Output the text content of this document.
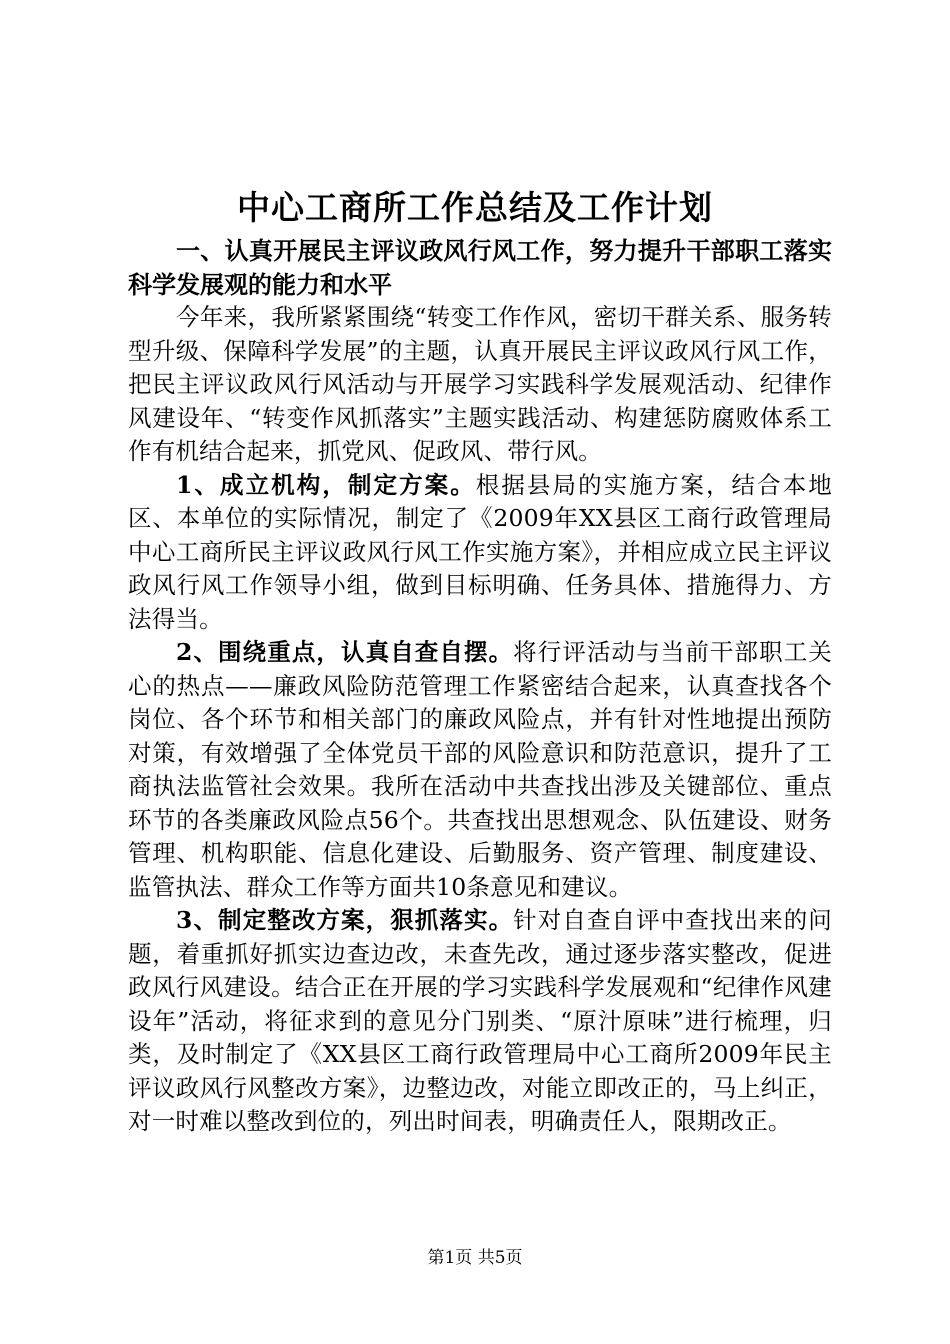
中心工商所工作总结及工作计划

一、认真开展民主评议政风行风工作，努力提升干部职工落实科学发展观的能力和水平

今年来，我所紧紧围绕“转变工作作风，密切干群关系、服务转型升级、保障科学发展”的主题，认真开展民主评议政风行风工作，把民主评议政风行风活动与开展学习实践科学发展观活动、纪律作风建设年、“转变作风抓落实”主题实践活动、构建惩防腐败体系工作有机结合起来，抓党风、促政风、带行风。

1、成立机构，制定方案。根据县局的实施方案，结合本地区、本单位的实际情况，制定了《2009年XX县区工商行政管理局中心工商所民主评议政风行风工作实施方案》，并相应成立民主评议政风行风工作领导小组，做到目标明确、任务具体、措施得力、方法得当。

2、围绕重点，认真自查自摆。将行评活动与当前干部职工关心的热点——廉政风险防范管理工作紧密结合起来，认真查找各个岗位、各个环节和相关部门的廉政风险点，并有针对性地提出预防对策，有效增强了全体党员干部的风险意识和防范意识，提升了工商执法监管社会效果。我所在活动中共查找出涉及关键部位、重点环节的各类廉政风险点56个。共查找出思想观念、队伍建设、财务管理、机构职能、信息化建设、后勤服务、资产管理、制度建设、监管执法、群众工作等方面共10条意见和建议。

3、制定整改方案，狠抓落实。针对自查自评中查找出来的问题，着重抓好抓实边查边改，未查先改，通过逐步落实整改，促进政风行风建设。结合正在开展的学习实践科学发展观和“纪律作风建设年”活动，将征求到的意见分门别类、“原汁原味”进行梳理，归类，及时制定了《XX县区工商行政管理局中心工商所2009年民主评议政风行风整改方案》，边整边改，对能立即改正的，马上纠正，对一时难以整改到位的，列出时间表，明确责任人，限期改正。

第1页 共5页
